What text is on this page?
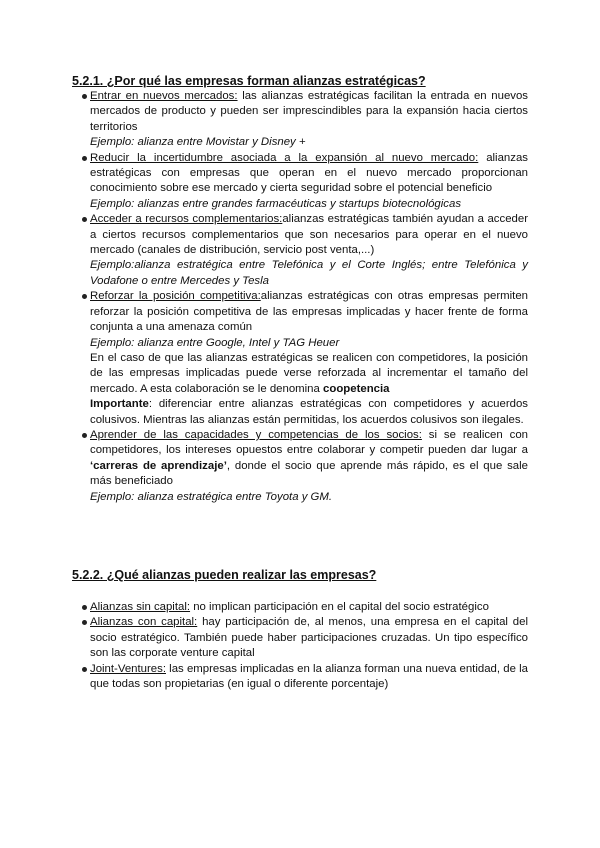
5.2.1. ¿Por qué las empresas forman alianzas estratégicas?
Entrar en nuevos mercados: las alianzas estratégicas facilitan la entrada en nuevos mercados de producto y pueden ser imprescindibles para la expansión hacia ciertos territorios
Ejemplo: alianza entre Movistar y Disney +
Reducir la incertidumbre asociada a la expansión al nuevo mercado: alianzas estratégicas con empresas que operan en el nuevo mercado proporcionan conocimiento sobre ese mercado y cierta seguridad sobre el potencial beneficio
Ejemplo: alianzas entre grandes farmacéuticas y startups biotecnológicas
Acceder a recursos complementarios:alianzas estratégicas también ayudan a acceder a ciertos recursos complementarios que son necesarios para operar en el nuevo mercado (canales de distribución, servicio post venta,...)
Ejemplo:alianza estratégica entre Telefónica y el Corte Inglés; entre Telefónica y Vodafone o entre Mercedes y Tesla
Reforzar la posición competitiva:alianzas estratégicas con otras empresas permiten reforzar la posición competitiva de las empresas implicadas y hacer frente de forma conjunta a una amenaza común
Ejemplo: alianza entre Google, Intel y TAG Heuer
En el caso de que las alianzas estratégicas se realicen con competidores, la posición de las empresas implicadas puede verse reforzada al incrementar el tamaño del mercado. A esta colaboración se le denomina coopetencia
Importante: diferenciar entre alianzas estratégicas con competidores y acuerdos colusivos. Mientras las alianzas están permitidas, los acuerdos colusivos son ilegales.
Aprender de las capacidades y competencias de los socios: si se realicen con competidores, los intereses opuestos entre colaborar y competir pueden dar lugar a ‘carreras de aprendizaje’, donde el socio que aprende más rápido, es el que sale más beneficiado
Ejemplo: alianza estratégica entre Toyota y GM.
5.2.2. ¿Qué alianzas pueden realizar las empresas?
Alianzas sin capital: no implican participación en el capital del socio estratégico
Alianzas con capital: hay participación de, al menos, una empresa en el capital del socio estratégico. También puede haber participaciones cruzadas. Un tipo específico son las corporate venture capital
Joint-Ventures: las empresas implicadas en la alianza forman una nueva entidad, de la que todas son propietarias (en igual o diferente porcentaje)
